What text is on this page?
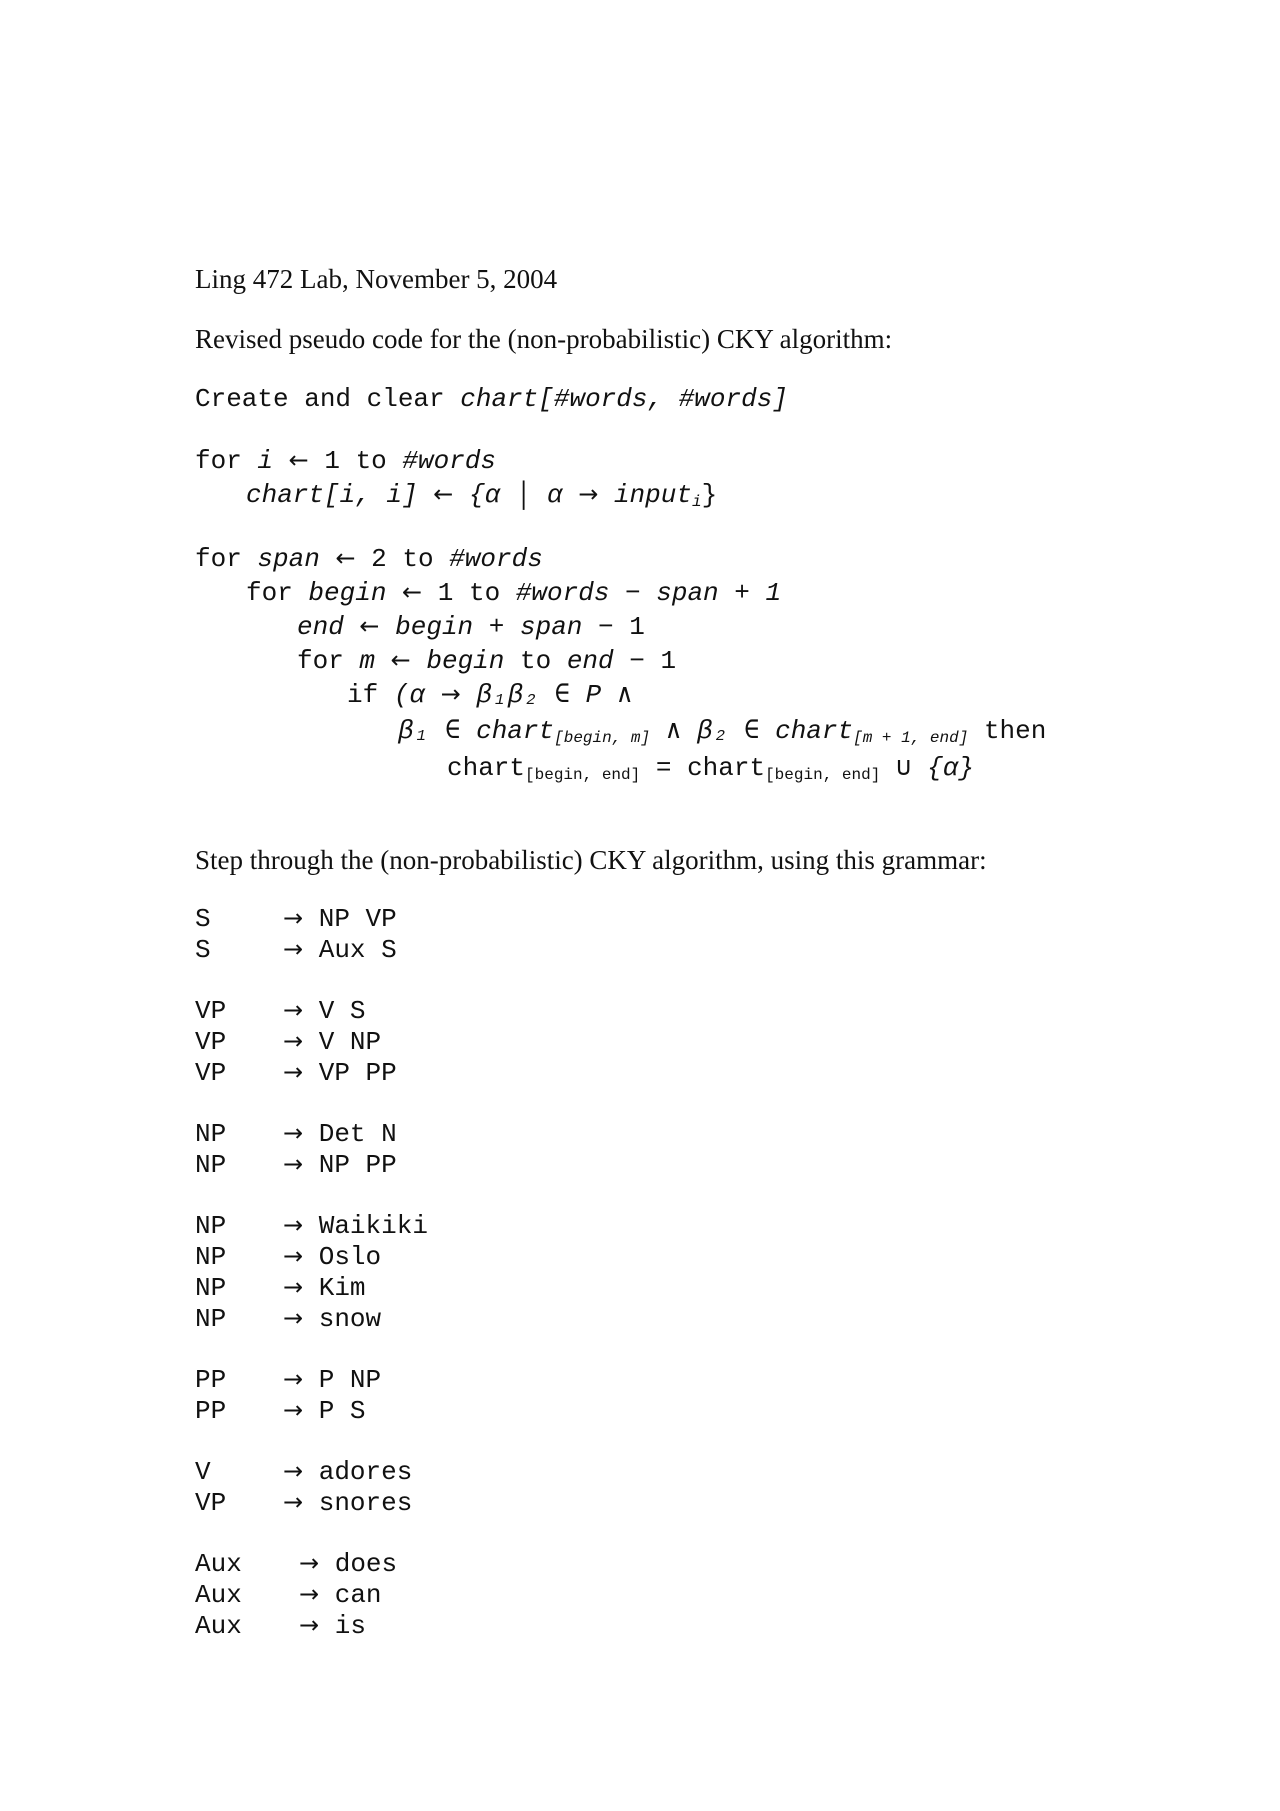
Ling 472 Lab, November 5, 2004
Revised pseudo code for the (non-probabilistic) CKY algorithm:
Create and clear chart[#words, #words]
for i ← 1 to #words
chart[i, i] ← {α │ α → inputi}
for span ← 2 to #words
for begin ← 1 to #words − span + 1
end ← begin + span − 1
for m ← begin to end − 1
if (α → β₁β₂ ∈ P ∧
β₁ ∈ chart[begin, m] ∧ β₂ ∈ chart[m + 1, end] then
chart$_{[begin, end]}$ = chart$_{[begin, end]}$ ∪ {α}
Step through the (non-probabilistic) CKY algorithm, using this grammar:
S	→ NP VP
S	→ Aux S
VP → V S
VP → V NP
VP → VP PP
NP → Det N
NP → NP PP
NP → Waikiki
NP → Oslo
NP → Kim
NP → snow
PP → P NP
PP → P S
V	→ adores
VP → snores
Aux → does
Aux → can
Aux → is
